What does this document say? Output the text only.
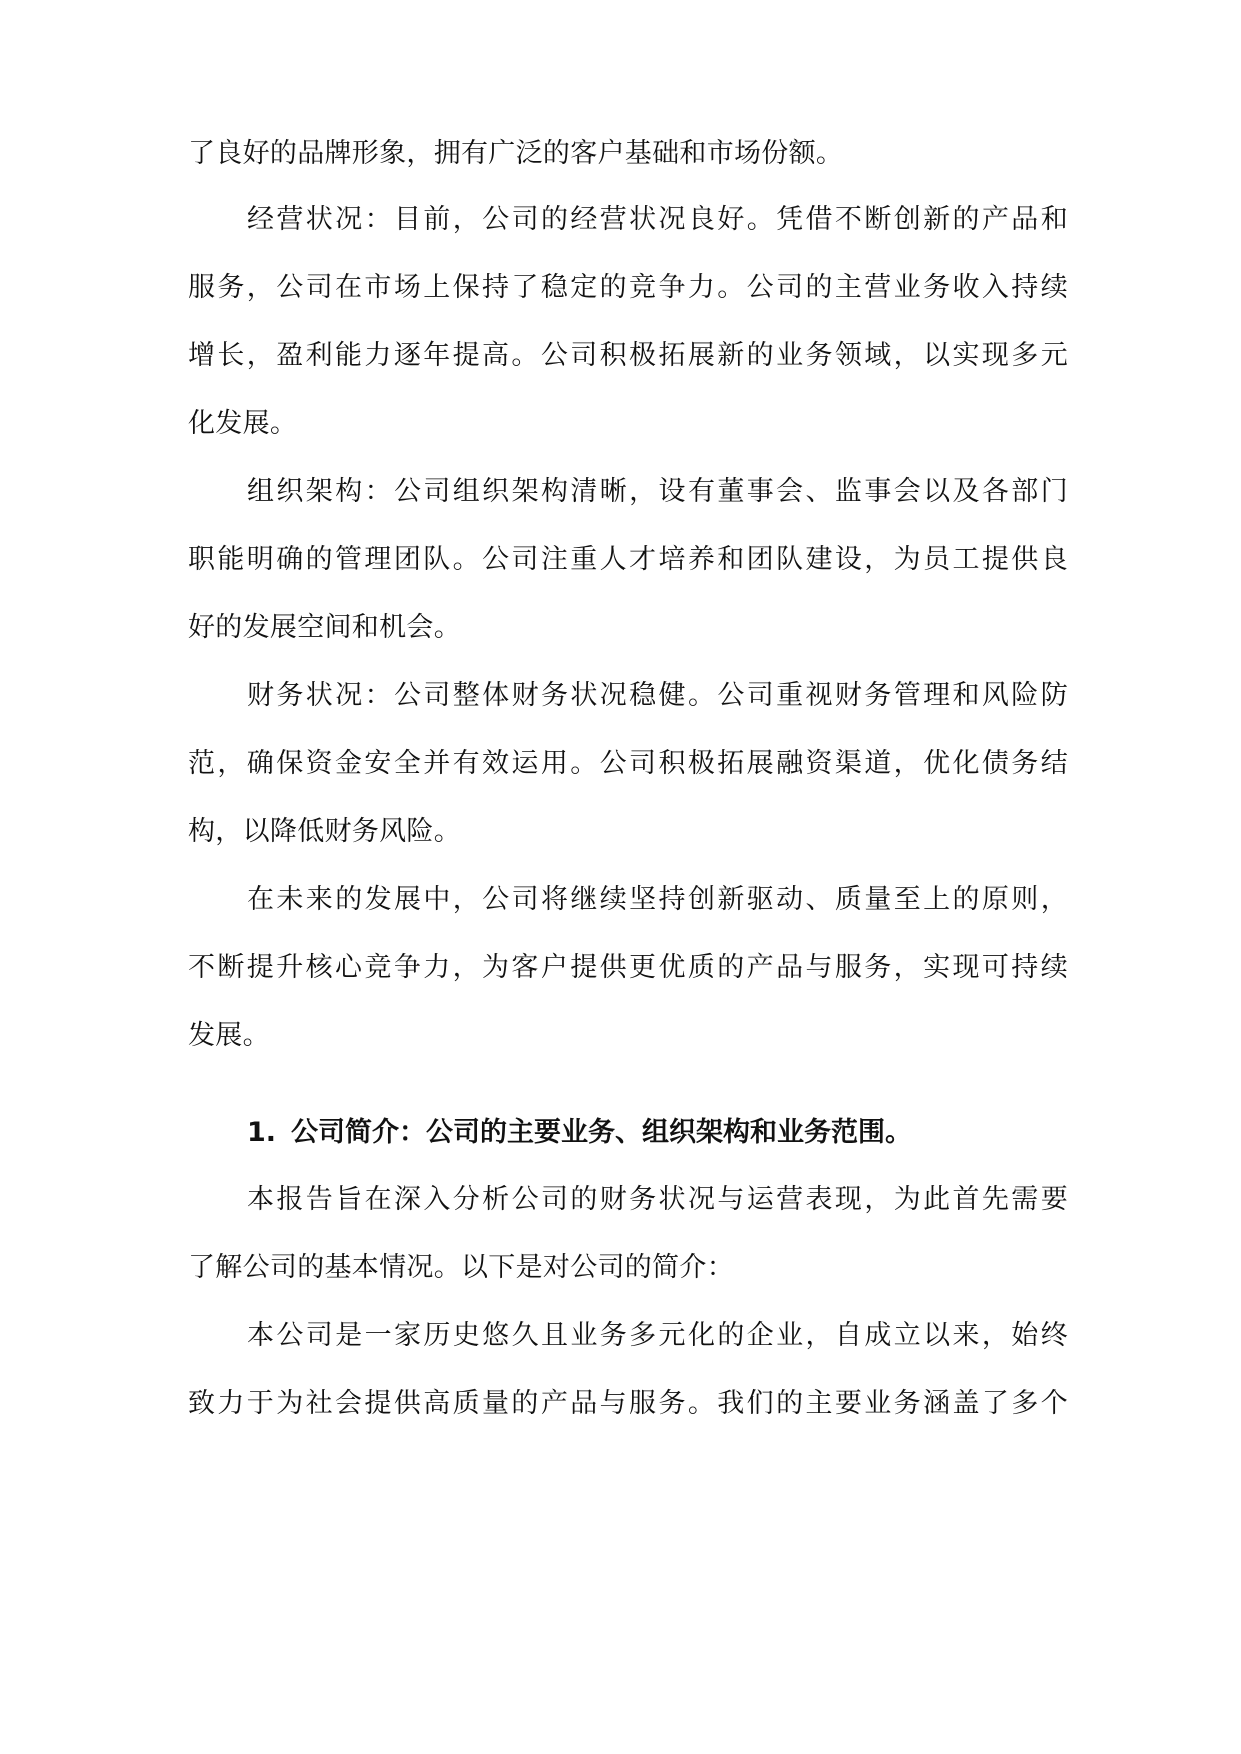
了良好的品牌形象，拥有广泛的客户基础和市场份额。
经营状况：目前，公司的经营状况良好。凭借不断创新的产品和
服务，公司在市场上保持了稳定的竞争力。公司的主营业务收入持续
增长，盈利能力逐年提高。公司积极拓展新的业务领域，以实现多元
化发展。
组织架构：公司组织架构清晰，设有董事会、监事会以及各部门
职能明确的管理团队。公司注重人才培养和团队建设，为员工提供良
好的发展空间和机会。
财务状况：公司整体财务状况稳健。公司重视财务管理和风险防
范，确保资金安全并有效运用。公司积极拓展融资渠道，优化债务结
构，以降低财务风险。
在未来的发展中，公司将继续坚持创新驱动、质量至上的原则，
不断提升核心竞争力，为客户提供更优质的产品与服务，实现可持续
发展。
1. 公司简介：公司的主要业务、组织架构和业务范围。
本报告旨在深入分析公司的财务状况与运营表现，为此首先需要
了解公司的基本情况。以下是对公司的简介：
本公司是一家历史悠久且业务多元化的企业，自成立以来，始终
致力于为社会提供高质量的产品与服务。我们的主要业务涵盖了多个
